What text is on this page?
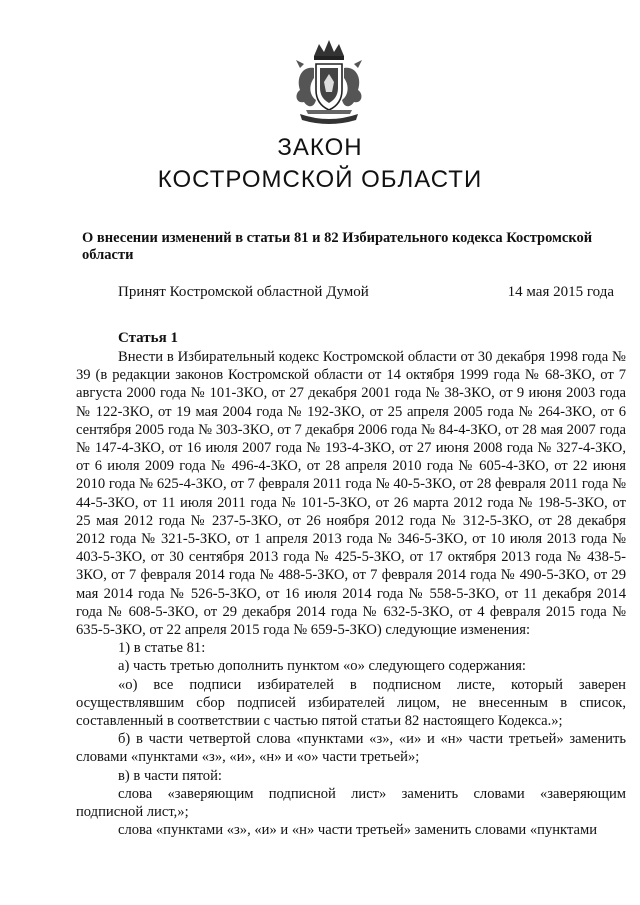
ЗАКОН
КОСТРОМСКОЙ ОБЛАСТИ
О внесении изменений в статьи 81 и 82 Избирательного кодекса Костромской области
Принят Костромской областной Думой	14 мая 2015 года
Статья 1

Внести в Избирательный кодекс Костромской области от 30 декабря 1998 года № 39 (в редакции законов Костромской области от 14 октября 1999 года № 68-ЗКО, от 7 августа 2000 года № 101-ЗКО, от 27 декабря 2001 года № 38-ЗКО, от 9 июня 2003 года № 122-ЗКО, от 19 мая 2004 года № 192-ЗКО, от 25 апреля 2005 года № 264-ЗКО, от 6 сентября 2005 года № 303-ЗКО, от 7 декабря 2006 года № 84-4-ЗКО, от 28 мая 2007 года № 147-4-ЗКО, от 16 июля 2007 года № 193-4-ЗКО, от 27 июня 2008 года № 327-4-ЗКО, от 6 июля 2009 года № 496-4-ЗКО, от 28 апреля 2010 года № 605-4-ЗКО, от 22 июня 2010 года № 625-4-ЗКО, от 7 февраля 2011 года № 40-5-ЗКО, от 28 февраля 2011 года № 44-5-ЗКО, от 11 июля 2011 года № 101-5-ЗКО, от 26 марта 2012 года № 198-5-ЗКО, от 25 мая 2012 года № 237-5-ЗКО, от 26 ноября 2012 года № 312-5-ЗКО, от 28 декабря 2012 года № 321-5-ЗКО, от 1 апреля 2013 года № 346-5-ЗКО, от 10 июля 2013 года № 403-5-ЗКО, от 30 сентября 2013 года № 425-5-ЗКО, от 17 октября 2013 года № 438-5-ЗКО, от 7 февраля 2014 года № 488-5-ЗКО, от 7 февраля 2014 года № 490-5-ЗКО, от 29 мая 2014 года № 526-5-ЗКО, от 16 июля 2014 года № 558-5-ЗКО, от 11 декабря 2014 года № 608-5-ЗКО, от 29 декабря 2014 года № 632-5-ЗКО, от 4 февраля 2015 года № 635-5-ЗКО, от 22 апреля 2015 года № 659-5-ЗКО) следующие изменения:

1) в статье 81:

а) часть третью дополнить пунктом «о» следующего содержания:

«о) все подписи избирателей в подписном листе, который заверен осуществлявшим сбор подписей избирателей лицом, не внесенным в список, составленный в соответствии с частью пятой статьи 82 настоящего Кодекса.»;

б) в части четвертой слова «пунктами «з», «и» и «н» части третьей» заменить словами «пунктами «з», «и», «н» и «о» части третьей»;

в) в части пятой:

слова «заверяющим подписной лист» заменить словами «заверяющим подписной лист,»;

слова «пунктами «з», «и» и «н» части третьей» заменить словами «пунктами
